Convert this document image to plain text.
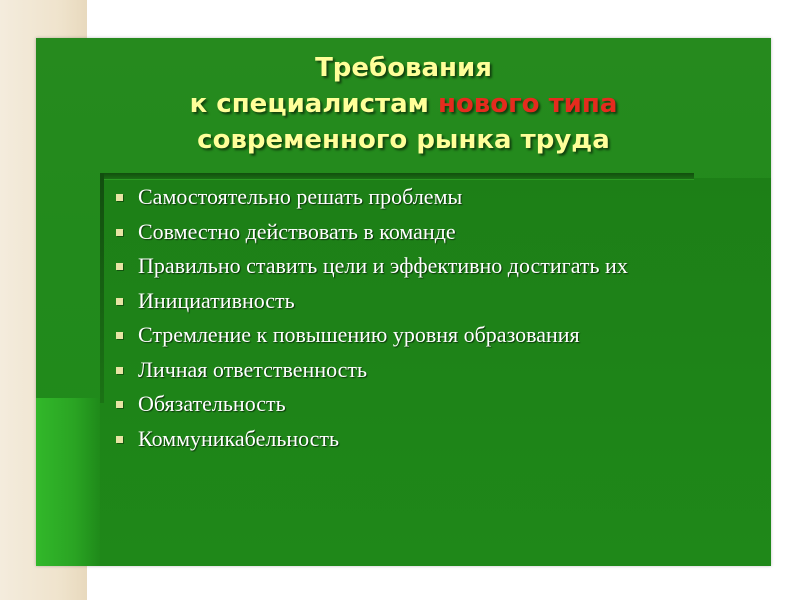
Требования
к специалистам нового типа
современного рынка труда
Самостоятельно решать проблемы
Совместно действовать в команде
Правильно ставить цели и эффективно достигать их
Инициативность
Стремление к повышению уровня образования
Личная ответственность
Обязательность
Коммуникабельность
